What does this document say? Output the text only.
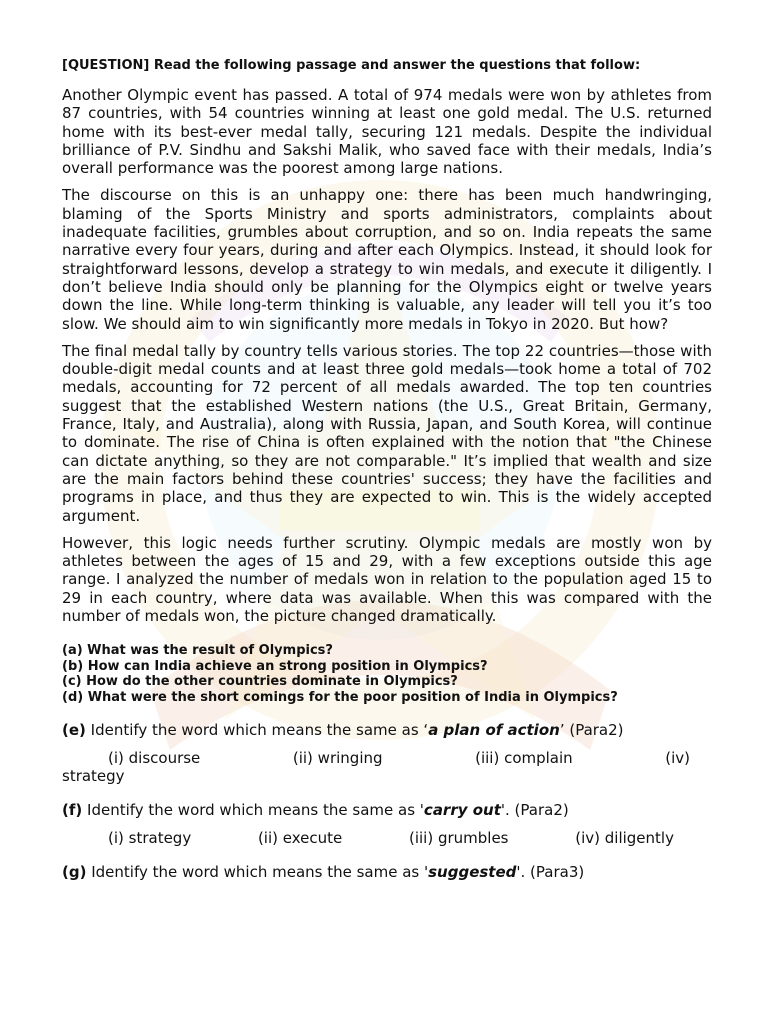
[QUESTION] Read the following passage and answer the questions that follow:

Another Olympic event has passed. A total of 974 medals were won by athletes from 87 countries, with 54 countries winning at least one gold medal. The U.S. returned home with its best-ever medal tally, securing 121 medals. Despite the individual brilliance of P.V. Sindhu and Sakshi Malik, who saved face with their medals, India’s overall performance was the poorest among large nations.

The discourse on this is an unhappy one: there has been much handwringing, blaming of the Sports Ministry and sports administrators, complaints about inadequate facilities, grumbles about corruption, and so on. India repeats the same narrative every four years, during and after each Olympics. Instead, it should look for straightforward lessons, develop a strategy to win medals, and execute it diligently. I don’t believe India should only be planning for the Olympics eight or twelve years down the line. While long-term thinking is valuable, any leader will tell you it’s too slow. We should aim to win significantly more medals in Tokyo in 2020. But how?

The final medal tally by country tells various stories. The top 22 countries—those with double-digit medal counts and at least three gold medals—took home a total of 702 medals, accounting for 72 percent of all medals awarded. The top ten countries suggest that the established Western nations (the U.S., Great Britain, Germany, France, Italy, and Australia), along with Russia, Japan, and South Korea, will continue to dominate. The rise of China is often explained with the notion that "the Chinese can dictate anything, so they are not comparable." It’s implied that wealth and size are the main factors behind these countries' success; they have the facilities and programs in place, and thus they are expected to win. This is the widely accepted argument.

However, this logic needs further scrutiny. Olympic medals are mostly won by athletes between the ages of 15 and 29, with a few exceptions outside this age range. I analyzed the number of medals won in relation to the population aged 15 to 29 in each country, where data was available. When this was compared with the number of medals won, the picture changed dramatically.

(a) What was the result of Olympics?
(b) How can India achieve an strong position in Olympics?
(c) How do the other countries dominate in Olympics?
(d) What were the short comings for the poor position of India in Olympics?
(e) Identify the word which means the same as ‘a plan of action’ (Para2)
(i) discourse	(ii) wringing	(iii) complain	(iv)
strategy
(f) Identify the word which means the same as 'carry out'. (Para2)
(i) strategy	(ii) execute	(iii) grumbles	(iv) diligently
(g) Identify the word which means the same as 'suggested'. (Para3)
